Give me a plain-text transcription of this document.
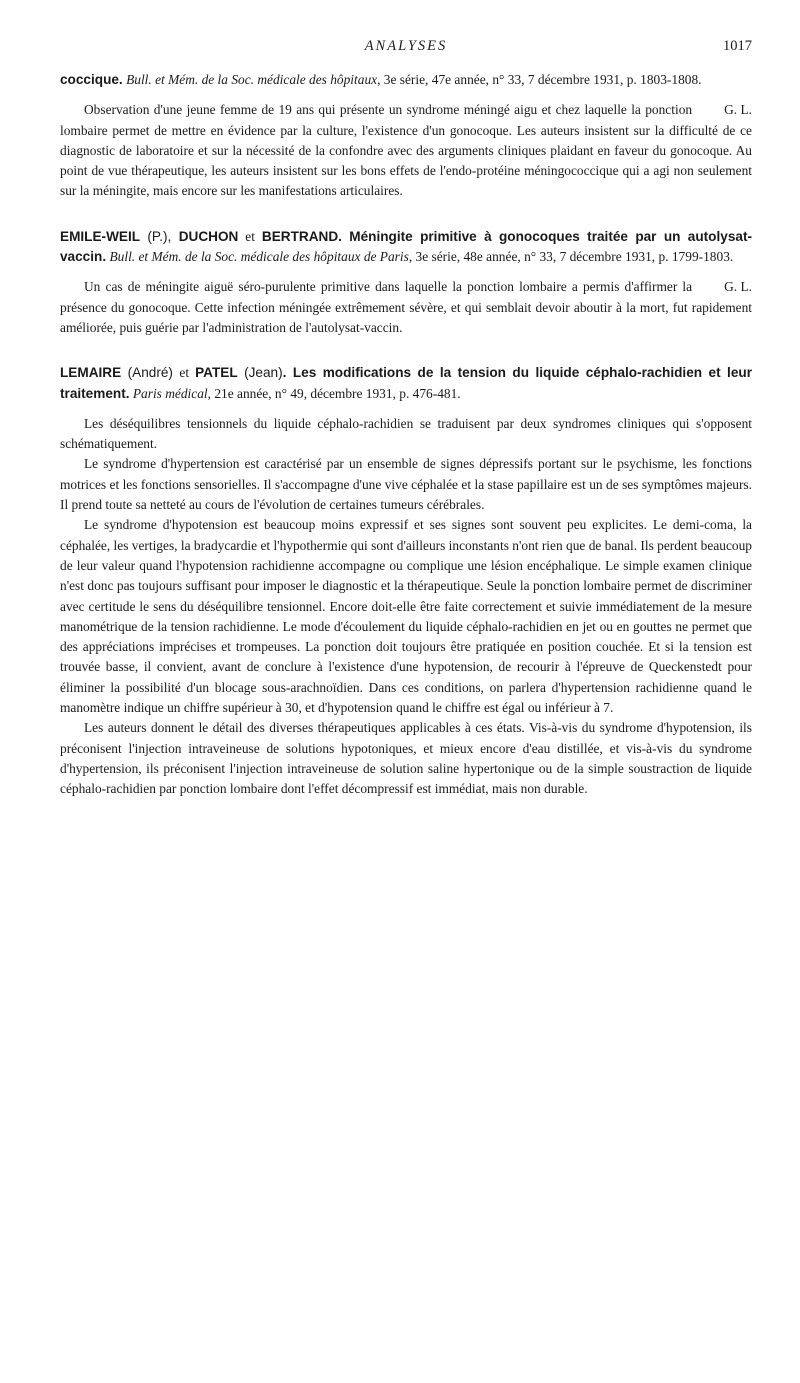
ANALYSES	1017

coccique. Bull. et Mém. de la Soc. médicale des hôpitaux, 3e série, 47e année, n° 33, 7 décembre 1931, p. 1803-1808.

G. L.
Observation d'une jeune femme de 19 ans qui présente un syndrome méningé aigu et chez laquelle la ponction lombaire permet de mettre en évidence par la culture, l'existence d'un gonocoque. Les auteurs insistent sur la difficulté de ce diagnostic de laboratoire et sur la nécessité de la confondre avec des arguments cliniques plaidant en faveur du gonocoque. Au point de vue thérapeutique, les auteurs insistent sur les bons effets de l'endo-protéine méningococcique qui a agi non seulement sur la méningite, mais encore sur les manifestations articulaires.

EMILE-WEIL (P.), DUCHON et BERTRAND. Méningite primitive à gonocoques traitée par un autolysat-vaccin. Bull. et Mém. de la Soc. médicale des hôpitaux de Paris, 3e série, 48e année, n° 33, 7 décembre 1931, p. 1799-1803.

G. L.
Un cas de méningite aiguë séro-purulente primitive dans laquelle la ponction lombaire a permis d'affirmer la présence du gonocoque. Cette infection méningée extrêmement sévère, et qui semblait devoir aboutir à la mort, fut rapidement améliorée, puis guérie par l'administration de l'autolysat-vaccin.

LEMAIRE (André) et PATEL (Jean). Les modifications de la tension du liquide céphalo-rachidien et leur traitement. Paris médical, 21e année, n° 49, décembre 1931, p. 476-481.

Les déséquilibres tensionnels du liquide céphalo-rachidien se traduisent par deux syndromes cliniques qui s'opposent schématiquement.

Le syndrome d'hypertension est caractérisé par un ensemble de signes dépressifs portant sur le psychisme, les fonctions motrices et les fonctions sensorielles. Il s'accompagne d'une vive céphalée et la stase papillaire est un de ses symptômes majeurs. Il prend toute sa netteté au cours de l'évolution de certaines tumeurs cérébrales.

Le syndrome d'hypotension est beaucoup moins expressif et ses signes sont souvent peu explicites. Le demi-coma, la céphalée, les vertiges, la bradycardie et l'hypothermie qui sont d'ailleurs inconstants n'ont rien que de banal. Ils perdent beaucoup de leur valeur quand l'hypotension rachidienne accompagne ou complique une lésion encéphalique. Le simple examen clinique n'est donc pas toujours suffisant pour imposer le diagnostic et la thérapeutique. Seule la ponction lombaire permet de discriminer avec certitude le sens du déséquilibre tensionnel. Encore doit-elle être faite correctement et suivie immédiatement de la mesure manométrique de la tension rachidienne. Le mode d'écoulement du liquide céphalo-rachidien en jet ou en gouttes ne permet que des appréciations imprécises et trompeuses. La ponction doit toujours être pratiquée en position couchée. Et si la tension est trouvée basse, il convient, avant de conclure à l'existence d'une hypotension, de recourir à l'épreuve de Queckenstedt pour éliminer la possibilité d'un blocage sous-arachnoïdien. Dans ces conditions, on parlera d'hypertension rachidienne quand le manomètre indique un chiffre supérieur à 30, et d'hypotension quand le chiffre est égal ou inférieur à 7.

Les auteurs donnent le détail des diverses thérapeutiques applicables à ces états. Vis-à-vis du syndrome d'hypotension, ils préconisent l'injection intraveineuse de solutions hypotoniques, et mieux encore d'eau distillée, et vis-à-vis du syndrome d'hypertension, ils préconisent l'injection intraveineuse de solution saline hypertonique ou de la simple soustraction de liquide céphalo-rachidien par ponction lombaire dont l'effet décompressif est immédiat, mais non durable.
